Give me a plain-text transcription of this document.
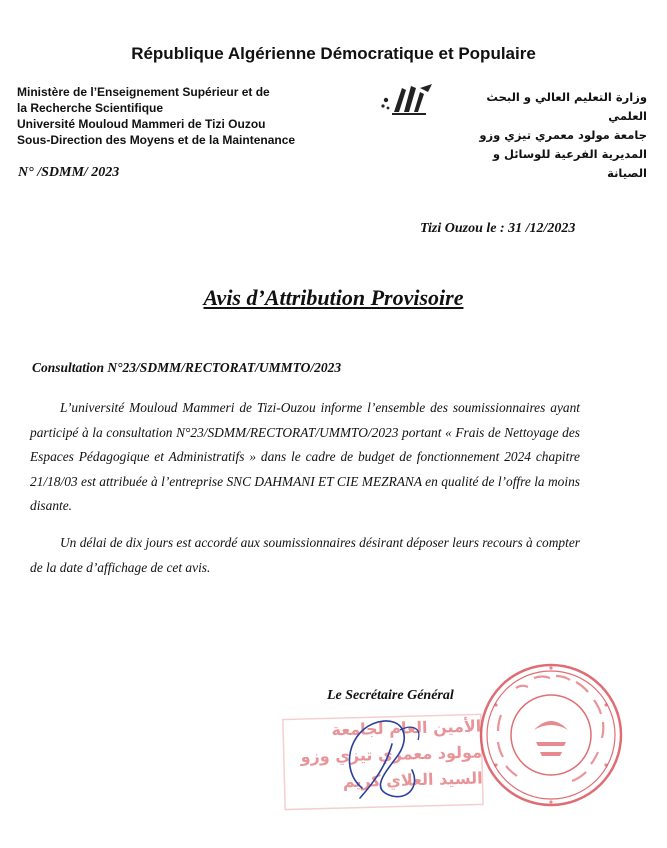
République Algérienne Démocratique et Populaire
Ministère de l’Enseignement Supérieur et de
la Recherche Scientifique
Université Mouloud Mammeri de Tizi Ouzou
Sous-Direction des Moyens et de la Maintenance
وزارة التعليم العالي و البحث العلمي
جامعة مولود معمري تيزي وزو
المديرية الفرعية للوسائل و الصيانة
N° /SDMM/ 2023
Tizi Ouzou le : 31 /12/2023
Avis d’Attribution Provisoire
Consultation N°23/SDMM/RECTORAT/UMMTO/2023
L’université Mouloud Mammeri de Tizi-Ouzou informe l’ensemble des soumissionnaires ayant participé à la consultation N°23/SDMM/RECTORAT/UMMTO/2023 portant « Frais de Nettoyage des Espaces Pédagogique et Administratifs » dans le cadre de budget de fonctionnement 2024 chapitre 21/18/03 est attribuée à l’entreprise SNC DAHMANI ET CIE MEZRANA en qualité de l’offre la moins disante.
Un délai de dix jours est accordé aux soumissionnaires désirant déposer leurs recours à compter de la date d’affichage de cet avis.
Le Secrétaire Général
الأمين العام لجامعة
مولود معمري تيزي وزو
السيد العلاي كريم
